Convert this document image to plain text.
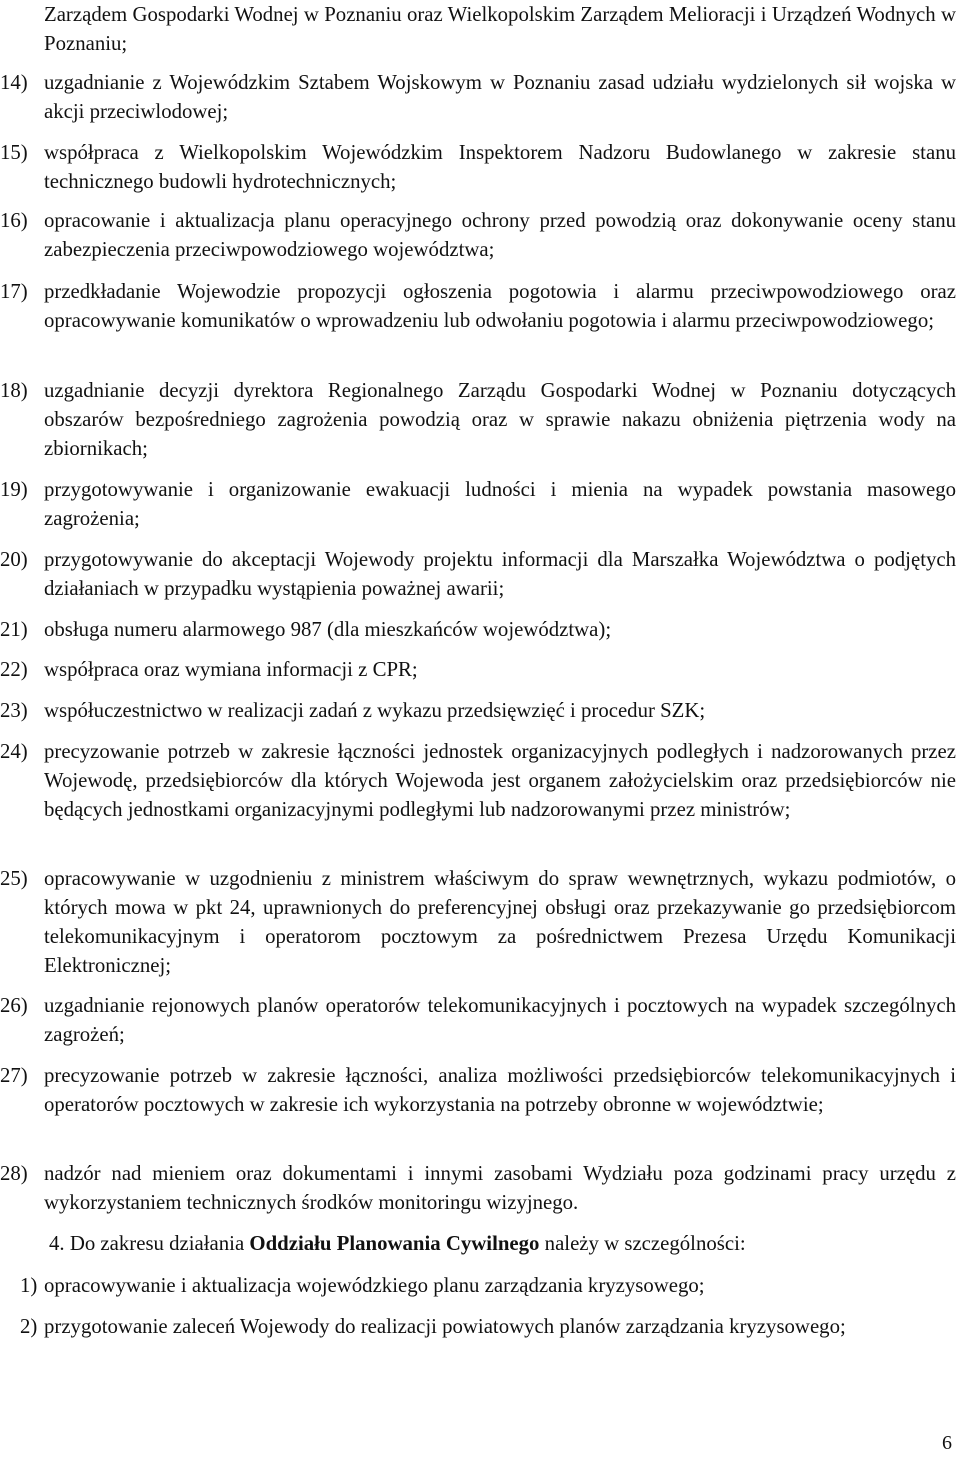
Zarządem Gospodarki Wodnej w Poznaniu oraz Wielkopolskim Zarządem Melioracji i Urządzeń Wodnych w Poznaniu;
14) uzgadnianie z Wojewódzkim Sztabem Wojskowym w Poznaniu zasad udziału wydzielonych sił wojska w akcji przeciwlodowej;
15) współpraca z Wielkopolskim Wojewódzkim Inspektorem Nadzoru Budowlanego w zakresie stanu technicznego budowli hydrotechnicznych;
16) opracowanie i aktualizacja planu operacyjnego ochrony przed powodzią oraz dokonywanie oceny stanu zabezpieczenia przeciwpowodziowego województwa;
17) przedkładanie Wojewodzie propozycji ogłoszenia pogotowia i alarmu przeciwpowodziowego oraz opracowywanie komunikatów o wprowadzeniu lub odwołaniu pogotowia i alarmu przeciwpowodziowego;
18) uzgadnianie decyzji dyrektora Regionalnego Zarządu Gospodarki Wodnej w Poznaniu dotyczących obszarów bezpośredniego zagrożenia powodzią oraz w sprawie nakazu obniżenia piętrzenia wody na zbiornikach;
19) przygotowywanie i organizowanie ewakuacji ludności i mienia na wypadek powstania masowego zagrożenia;
20) przygotowywanie do akceptacji Wojewody projektu informacji dla Marszałka Województwa o podjętych działaniach w przypadku wystąpienia poważnej awarii;
21) obsługa numeru alarmowego 987 (dla mieszkańców województwa);
22) współpraca oraz wymiana informacji z CPR;
23) współuczestnictwo w realizacji zadań z wykazu przedsięwzięć i procedur SZK;
24) precyzowanie potrzeb w zakresie łączności jednostek organizacyjnych podległych i nadzorowanych przez Wojewodę, przedsiębiorców dla których Wojewoda jest organem założycielskim oraz przedsiębiorców nie będących jednostkami organizacyjnymi podległymi lub nadzorowanymi przez ministrów;
25) opracowywanie w uzgodnieniu z ministrem właściwym do spraw wewnętrznych, wykazu podmiotów, o których mowa w pkt 24, uprawnionych do preferencyjnej obsługi oraz przekazywanie go przedsiębiorcom telekomunikacyjnym i operatorom pocztowym za pośrednictwem Prezesa Urzędu Komunikacji Elektronicznej;
26) uzgadnianie rejonowych planów operatorów telekomunikacyjnych i pocztowych na wypadek szczególnych zagrożeń;
27) precyzowanie potrzeb w zakresie łączności, analiza możliwości przedsiębiorców telekomunikacyjnych i operatorów pocztowych w zakresie ich wykorzystania na potrzeby obronne w województwie;
28) nadzór nad mieniem oraz dokumentami i innymi zasobami Wydziału poza godzinami pracy urzędu z wykorzystaniem technicznych środków monitoringu wizyjnego.
4. Do zakresu działania Oddziału Planowania Cywilnego należy w szczególności:
1) opracowywanie i aktualizacja wojewódzkiego planu zarządzania kryzysowego;
2) przygotowanie zaleceń Wojewody do realizacji powiatowych planów zarządzania kryzysowego;
6
